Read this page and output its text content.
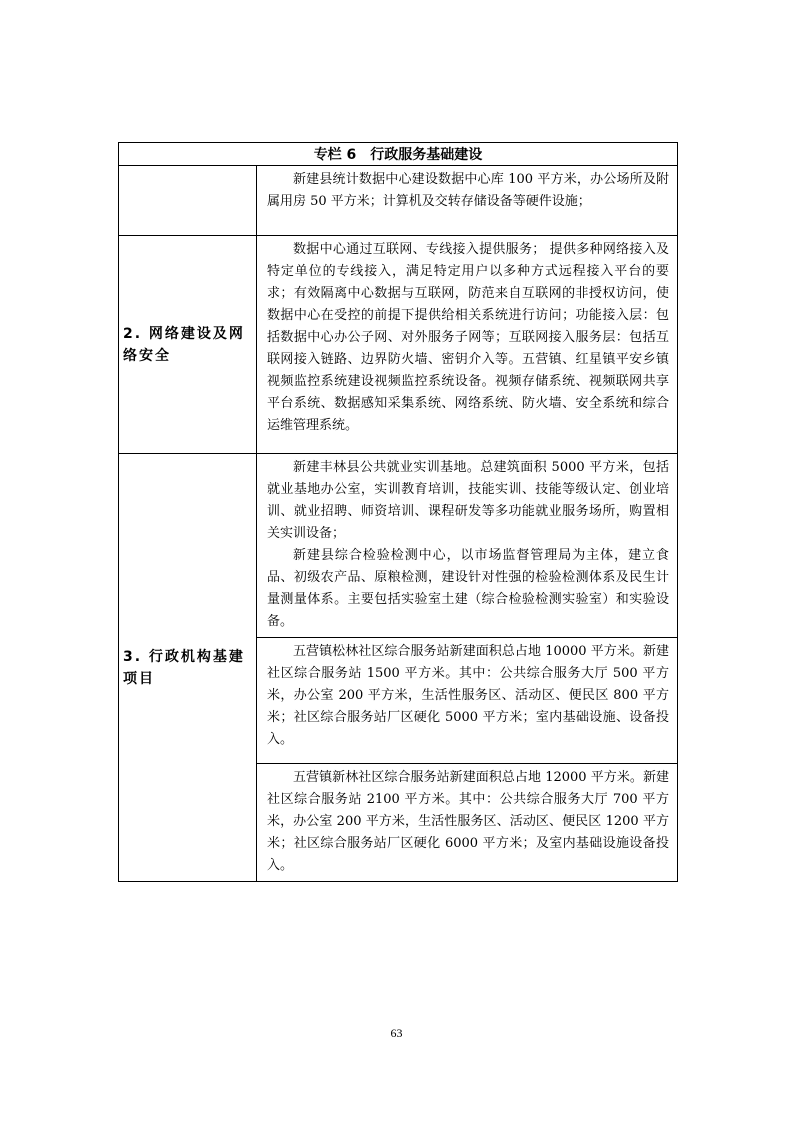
专栏 6　行政服务基础建设	

	新建县统计数据中心建设数据中心库 100 平方米，办公场所及附属用房 50 平方米；计算机及交转存储设备等硬件设施；

2. 网络建设及网络安全	数据中心通过互联网、专线接入提供服务； 提供多种网络接入及特定单位的专线接入，满足特定用户以多种方式远程接入平台的要求；有效隔离中心数据与互联网，防范来自互联网的非授权访问，使数据中心在受控的前提下提供给相关系统进行访问；功能接入层：包括数据中心办公子网、对外服务子网等；互联网接入服务层：包括互联网接入链路、边界防火墙、密钥介入等。五营镇、红星镇平安乡镇视频监控系统建设视频监控系统设备。视频存储系统、视频联网共享平台系统、数据感知采集系统、网络系统、防火墙、安全系统和综合运维管理系统。

3. 行政机构基建项目	新建丰林县公共就业实训基地。总建筑面积 5000 平方米，包括就业基地办公室，实训教育培训，技能实训、技能等级认定、创业培训、就业招聘、师资培训、课程研发等多功能就业服务场所，购置相关实训设备；

新建县综合检验检测中心，以市场监督管理局为主体，建立食品、初级农产品、原粮检测，建设针对性强的检验检测体系及民生计量测量体系。主要包括实验室土建（综合检验检测实验室）和实验设备。

	五营镇松林社区综合服务站新建面积总占地 10000 平方米。新建社区综合服务站 1500 平方米。其中：公共综合服务大厅 500 平方米，办公室 200 平方米，生活性服务区、活动区、便民区 800 平方米；社区综合服务站厂区硬化 5000 平方米；室内基础设施、设备投入。

	五营镇新林社区综合服务站新建面积总占地 12000 平方米。新建社区综合服务站 2100 平方米。其中：公共综合服务大厅 700 平方米，办公室 200 平方米，生活性服务区、活动区、便民区 1200 平方米；社区综合服务站厂区硬化 6000 平方米；及室内基础设施设备投入。

63
